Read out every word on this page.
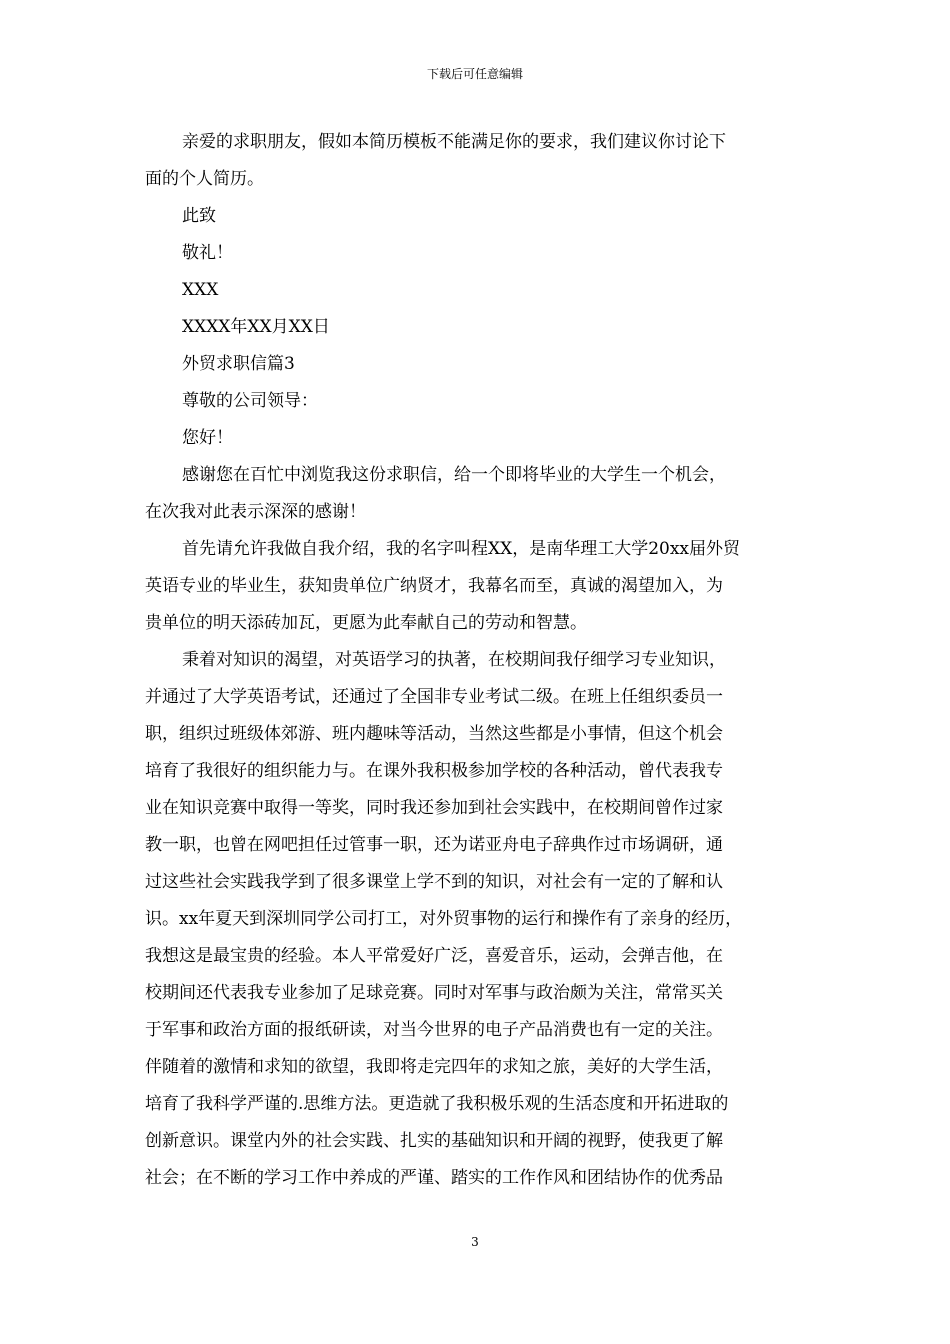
下载后可任意编辑
亲爱的求职朋友，假如本简历模板不能满足你的要求，我们建议你讨论下
面的个人简历。
此致
敬礼！
XXX
XXXX年XX月XX日
外贸求职信篇3
尊敬的公司领导：
您好！
感谢您在百忙中浏览我这份求职信，给一个即将毕业的大学生一个机会，
在次我对此表示深深的感谢！
首先请允许我做自我介绍，我的名字叫程XX，是南华理工大学20xx届外贸
英语专业的毕业生，获知贵单位广纳贤才，我幕名而至，真诚的渴望加入，为
贵单位的明天添砖加瓦，更愿为此奉献自己的劳动和智慧。
秉着对知识的渴望，对英语学习的执著，在校期间我仔细学习专业知识，
并通过了大学英语考试，还通过了全国非专业考试二级。在班上任组织委员一
职，组织过班级体郊游、班内趣味等活动，当然这些都是小事情，但这个机会
培育了我很好的组织能力与。在课外我积极参加学校的各种活动，曾代表我专
业在知识竞赛中取得一等奖，同时我还参加到社会实践中，在校期间曾作过家
教一职，也曾在网吧担任过管事一职，还为诺亚舟电子辞典作过市场调研，通
过这些社会实践我学到了很多课堂上学不到的知识，对社会有一定的了解和认
识。xx年夏天到深圳同学公司打工，对外贸事物的运行和操作有了亲身的经历，
我想这是最宝贵的经验。本人平常爱好广泛，喜爱音乐，运动，会弹吉他，在
校期间还代表我专业参加了足球竞赛。同时对军事与政治颇为关注，常常买关
于军事和政治方面的报纸研读，对当今世界的电子产品消费也有一定的关注。
伴随着的激情和求知的欲望，我即将走完四年的求知之旅，美好的大学生活，
培育了我科学严谨的.思维方法。更造就了我积极乐观的生活态度和开拓进取的
创新意识。课堂内外的社会实践、扎实的基础知识和开阔的视野，使我更了解
社会；在不断的学习工作中养成的严谨、踏实的工作作风和团结协作的优秀品
3
